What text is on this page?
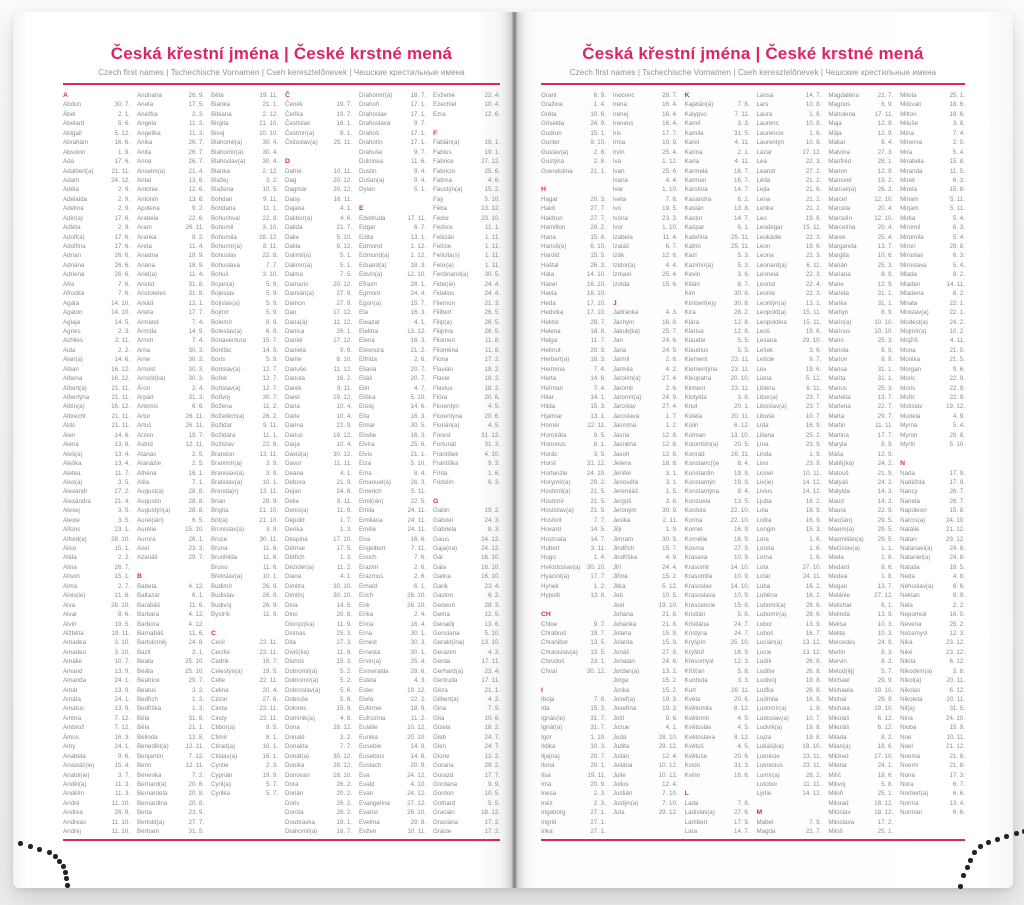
Česká křestní jména | České krstné mená
Czech first names | Tschechische Vornamen | Cseh keresztelőnevek | Чешские крестильные имена
A
Abdon	30. 7.
Ábel	2. 1.
Abelard	5. 6.
Abigail	5. 12.
Abrahám	16. 6.
Absolon	1. 9.
Ada	17. 6.
Adalbert(a)	21. 11.
Adam	24. 12.
Adéla	2. 9.
Adelaida	2. 9.
Adelina	2. 9.
Adin(a)	17. 6.
Adléta	2. 9.
Adolf(a)	17. 6.
Adolfína	17. 6.
Adrian	26. 6.
Adriána	26. 6.
Adriena	26. 6.
Afra	7. 6.
Afrodita	7. 6.
Agáta	14. 10.
Agaton	14. 10.
Aglaja	14. 5.
Agnes	2. 3.
Achiles	2. 11.
Aida	2. 2.
Alan(a)	14. 6.
Alban	16. 12.
Albena	16. 12.
Albert(a)	21. 11.
Albertýna	21. 11.
Albín(a)	16. 12.
Albrecht	21. 11.
Aldo	21. 11.
Alen	14. 6.
Alena	13. 8.
Aleš(a)	13. 4.
Aleška	13. 4.
Aletea	11. 7.
Alex(a)	3. 5.
Alexandr	27. 2.
Alexandra	21. 4.
Alexej	3. 5.
Alexie	3. 5.
Alfons	23. 1.
Alfréd(a)	28. 10.
Alice	15. 1.
Alida	2. 2.
Alina	26. 7.
Alison	15. 1.
Alma	2. 7.
Alois(ie)	21. 6.
Alva	28. 10.
Alvar	8. 6.
Alvin	19. 5.
Alžběta	19. 11.
Amadea	3. 10.
Amadeo	3. 10.
Amálie	10. 7.
Amand	13. 9.
Amanda	24. 1.
Amát	13. 9.
Amáta	24. 1.
Amatus	13. 9.
Ambra	7. 12.
Ambrož	7. 12.
Ámos	16. 3.
Amy	24. 1.
Anabela	9. 6.
Anastáz(ie)	15. 4.
Anatol(ie)	3. 7.
Anděl(a)	11. 3.
Andělín	11. 3.
André	11. 10.
Andrea	26. 9.
Andreas	11. 10.
Andrej	11. 10.
Andriana	26. 9.
Aneta	17. 5.
Anežka	2. 3.
Angela	11. 3.
Angelika	11. 3.
Anika	26. 7.
Anita	26. 7.
Anna	26. 7.
Anselm(a)	21. 4.
Antal	13. 6.
Antonie	12. 6.
Antonín	13. 6.
Apolena	9. 2.
Arabela	22. 6.
Aram	26. 11.
Aranka	8. 2.
Areta	11. 4.
Ariadna	18. 9.
Ariana	18. 9.
Ariel(a)	11. 4.
Aristid	31. 8.
Aristoteles	31. 8.
Arkád	12. 1.
Arleta	17. 7.
Armand	7. 4.
Armida	14. 9.
Armin	7. 4.
Arna	30. 3.
Arne	30. 3.
Arnold	30. 3.
Arnošt(ka)	30. 3.
Áron	2. 4.
Arpád	31. 3.
Artemis	6. 6.
Artur	26. 11.
Artuš	26. 11.
Arzen	19. 7.
Astrid	12. 11.
Atanas	2. 5.
Atanázie	2. 5.
Athéna	16. 1.
Atila	7. 1.
August(a)	28. 8.
Augustin	28. 8.
Augustýn(a)	28. 8.
Aurel(ián)	6. 5.
Aurélie	15. 10.
Aurora	26. 1.
Axel	23. 3.
Azariáš	29. 7.
B
Babeta	4. 12.
Baltazar	6. 1.
Barabáš	11. 6.
Barbara	4. 12.
Barbora	4. 12.
Barnabáš	11. 6.
Bartoloměj	24. 8.
Bazil	2. 1.
Beata	25. 10.
Beáta	25. 10.
Beatrice	29. 7.
Beatus	3. 2.
Bedřich	1. 3.
Bedřiška	1. 3.
Béla	31. 8.
Běla	21. 1.
Belinda	13. 8.
Benedikt(a)	12. 11.
Benjamín	7. 12.
Beno	12. 11.
Berenika	7. 2.
Bernard(a)	20. 8.
Bernardeta	20. 8.
Bernardina	20. 8.
Berta	23. 9.
Bertold(a)	27. 7.
Bertram	31. 5.
Běta	19. 11.
Bianka	21. 1.
Bibiana	2. 12.
Birgita	21. 10.
Bivoj	10. 10.
Blahomil(a)	30. 4.
Blahomír(a)	30. 4.
Blahoslav(a)	30. 4.
Blanka	2. 12.
Blažej	3. 2.
Blažena	10. 5.
Bohdan	9. 11.
Bohdana	11. 1.
Bohuchval	22. 8.
Bohumil	3. 10.
Bohumila	28. 12.
Bohumír(a)	8. 11.
Bohuslav	22. 8.
Bohuslava	7. 7.
Bohuš	3. 10.
Bojan(a)	5. 9.
Bojeslav	5. 9.
Bojislav(a)	5. 9.
Bojmír	5. 9.
Bolemír	6. 9.
Boleslav(a)	6. 9.
Bonaventura	15. 7.
Bonifác	14. 5.
Boris	5. 9.
Borislav(a)	12. 7.
Bořek	12. 7.
Bořislav(a)	12. 7.
Bořivoj	30. 7.
Božena	11. 2.
Božetěch(a)	26. 2.
Božidar	9. 11.
Božidara	11. 1.
Božislav	22. 8.
Brandon	13. 11.
Branimír(a)	3. 9.
Branislav(a)	3. 9.
Bratislav(a)	10. 1.
Brenda(n)	13. 11.
Brian	28. 9.
Brigita	21. 10.
Brit(a)	21. 10.
Bronislav(a)	3. 9.
Bruce	30. 11.
Bruna	11. 6.
Brunhilda	11. 6.
Bruno	11. 6.
Břetislav(a)	10. 1.
Budimír	26. 9.
Budislav	26. 9.
Budivoj	26. 9.
Bystrík	11. 9.
C
Cecil	22. 11.
Cecílie	22. 11.
Cedrik	16. 7.
Celestýn(a)	19. 5.
Celie	22. 11.
Celina	20. 4.
Cézar	27. 6.
Cinda	22. 11.
Cindy	22. 11.
Ctibor(a)	9. 5.
Ctimír	6. 1.
Ctirad(a)	16. 1.
Ctislav(a)	16. 1.
Cyntie	2. 3.
Cyprián	19. 9.
Cyril(a)	5. 7.
Cyrilka	5. 7.
Č
Čeněk	19. 7.
Čeňka	19. 7.
Čestislav	16. 1.
Čestmír(a)	8. 1.
Čistoslav(a)	25. 11.
D
Dafné	10. 11.
Dag	20. 12.
Dagmar	20. 12.
Daisy	16. 11.
Dajana	4. 1.
Dalibor(a)	4. 6.
Dalida	21. 7.
Dalie	5. 10.
Dalila	9. 12.
Dalimil(a)	5. 1.
Dalimír(a)	5. 1.
Dalma	7. 5.
Damaris	20. 12.
Damián(a)	27. 9.
Damon	27. 9.
Dan	17. 12.
Dana(á)	11. 12.
Danica	26. 1.
Daniel	17. 12.
Daniela	9. 9.
Dante	6. 10.
Danuše	11. 12.
Danuta	16. 2.
Darek	9. 11.
Darel	19. 12.
Daria	10. 4.
Darie	10. 4.
Darina	22. 9.
Darius	19. 12.
Darja	10. 4.
David(a)	30. 12.
Davor	11. 11.
Deana	4. 1.
Debora	21. 9.
Dejan	24. 6.
Delie	8. 11.
Denis(a)	11. 9.
Děpold	1. 7.
Derika	1. 3.
Despina	17. 10.
Dětmar	17. 5.
Dětřich	1. 3.
Dezider(a)	11. 2.
Diana	4. 1.
Dimitra	30. 10.
Dimitrij	30. 10.
Dina	14. 5.
Dino	20. 8.
Dionýz(ka)	11. 9.
Dismas	25. 3.
Dita	27. 3.
Diviš(ka)	11. 9.
Dluhoš	15. 3.
Dobromil(a)	5. 2.
Dobromír(a)	5. 2.
Dobroslav(a)	5. 6.
Dobruše	5. 6.
Dolores	15. 9.
Dominik(a)	4. 8.
Dona	28. 12.
Donald	3. 2.
Donalda	7. 7.
Donát(a)	30. 12.
Donika	28. 12.
Donovan	18. 10.
Dora	26. 2.
Dorián	20. 2.
Doris	26. 2.
Dorota	26. 2.
Doubravka	19. 1.
Drahomil(a)	18. 7.
Drahomír(a)	18. 7.
Drahoň	17. 1.
Drahoslav	17. 1.
Drahoslava	9. 7.
Drahoš	17. 1.
Drahotín	17. 1.
Drahuše	9. 7.
Dulcinea	11. 6.
Dustin	9. 4.
Dušan(a)	9. 4.
Dylan	5. 1.
E
Edeltruda	17. 11.
Edgar	6. 7.
Edita	13. 1.
Edmond	1. 12.
Edmund(a)	1. 12.
Eduard(a)	18. 3.
Edvín(a)	12. 10.
Efraim	28. 1.
Egmont	24. 4.
Egon(a)	15. 7.
Ela	16. 3.
Eleazar	4. 1.
Elektra	13. 12.
Elena	16. 3.
Eleonora	21. 2.
Elfrída	2. 6.
Eliana	20. 7.
Eliáš	20. 7.
Elin	4. 7.
Eliška	5. 10.
Elizej	14. 6.
Ella	16. 3.
Elmar	30. 5.
Elodie	16. 3.
Elvíra	25. 6.
Elvis	21. 1.
Elza	5. 10.
Ema	8. 4.
Emanuel(a)	26. 3.
Emerich	5. 11.
Emil(ián)	22. 5.
Emila	24. 11.
Emiliána	24. 11.
Emílie	24. 11.
Ena	16. 6.
Engelbert	7. 11.
Enoch	7. 6.
Erazim	2. 6.
Erazmus	2. 6.
Erhard	6. 1.
Erich	26. 10.
Erik	26. 10.
Erika	2. 4.
Erina	16. 4.
Erna	30. 1.
Ernest	30. 3.
Ernesta	30. 1.
Ervín(a)	25. 4.
Esmeralda	29. 6.
Estela	4. 3.
Ester	19. 12.
Etela	22. 2.
Eufémie	18. 9.
Eufrozína	11. 2.
Eulálie	10. 12.
Eunika	20. 10.
Eusebie	14. 8.
Eusebius	14. 8.
Eustach	20. 9.
Eva	24. 12.
Evald	4. 10.
Evan	24. 12.
Evangelína	27. 12.
Evarist	26. 10.
Evelína	29. 8.
Evžen	10. 11.
Evženie	22. 4.
Ezechiel	10. 4.
Ezra	12. 6.
F
Fabián(a)	19. 1.
Fabius	19. 1.
Fabrice	27. 12.
Fabricio	25. 6.
Fatima	4. 6.
Faustýn(a)	15. 2.
Fay	5. 10.
Féba	13. 12.
Fedor	23. 10.
Fedora	11. 1.
Felicián	1. 11.
Felície	1. 11.
Felicita(s)	1. 11.
Felix(a)	1. 11.
Ferdinand(a)	30. 5.
Fidel(ie)	24. 4.
Fidelius	24. 4.
Filemon	21. 3.
Filibert	26. 5.
Filip(a)	26. 5.
Filipína	26. 5.
Filomen	11. 8.
Filoména	11. 8.
Fiona	17. 2.
Flavián	18. 2.
Flavie	18. 2.
Flavius	18. 2.
Flóra	20. 6.
Florentýn	4. 5.
Florentýna	20. 6.
Florián(a)	4. 5.
Forest	31. 12.
Fortunát	31. 3.
František	4. 10.
Františka	9. 3.
Frída	1. 6.
Fridolín	6. 3.
G
Gabin	19. 2.
Gabriel	24. 3.
Gabriela	8. 3.
Gaius	24. 12.
Gaja(na)	24. 12.
Gál	16. 10.
Gala	16. 10.
Galina	16. 10.
Garik	23. 4.
Gaston	6. 2.
Gedeon	28. 3.
Gema	12. 5.
Genadij	13. 6.
Genciana	5. 10.
Gerald(ína)	13. 10.
Gerazim	4. 3.
Gerda	17. 11.
Gerhard(a)	23. 4.
Gertruda	17. 11.
Géza	21. 1.
Gilbert(a)	4. 2.
Gina	7. 9.
Gita	10. 6.
Gizela	18. 2.
Gleb	24. 7.
Glen	24. 7.
Glorie	12. 2.
Gorana	29. 2.
Gorazd	17. 7.
Gordana	9. 9.
Gordon	10. 5.
Gothard	5. 5.
Gracián	18. 12.
Graciána	17. 2.
Grácie	17. 2.
Česká křestní jména | České krstné mená
Czech first names | Tschechische Vornamen | Cseh keresztelőnevek | Чешские крестильные имена
Grant	6. 9.
Gražina	1. 4.
Gréta	10. 6.
Griselda	24. 9.
Gudrun	15. 1.
Gunter	9. 10.
Gustav(a)	2. 8.
Gustýna	2. 8.
Gvendolína	21. 1.
H
Hagar	20. 3.
Haidi	27. 7.
Haidrun	27. 7.
Hamilton	29. 2.
Hana	15. 8.
Hanuš(e)	6. 10.
Harold	15. 5.
Haštal	26. 3.
Háta	14. 10.
Havel	16. 10.
Havla	16. 10.
Heda	17. 10.
Hedvika	17. 10.
Hektor	28. 7.
Helena	18. 8.
Helga	11. 7.
Helmut	20. 9.
Herbert(a)	16. 3.
Hermína	7. 4.
Herta	14. 6.
Heřman	7. 4.
Hilar	14. 1.
Hilda	15. 3.
Hjalmar	13. 1.
Homér	22. 11.
Honoráta	9. 5.
Honorius	8. 1.
Horác	3. 5.
Horst	31. 12.
Hortenzie	24. 10.
Horymír(a)	29. 2.
Hostimil(a)	21. 5.
Hostimír	21. 5.
Hostislav(a)	21. 5.
Hostivít	7. 7.
Hovard	14. 5.
Hroznata	14. 7.
Hubert	3. 11.
Hugo	1. 4.
Hvězdoslav(a)	30. 10.
Hyacint(a)	17. 7.
Hynek	1. 2.
Hypolit	13. 8.
CH
Chloe	9. 7.
Chrabroš	19. 7.
Chranibor	13. 5.
Chranislav(a)	13. 5.
Chrudoš	23. 1.
Chval	30. 12.
I
Iboja	7. 8.
Ida	15. 3.
Ignác(ie)	31. 7.
Ignát(a)	31. 7.
Igor	1. 10.
Ildika	10. 3.
Ilja(na)	20. 7.
Ilona	20. 1.
Ilsa	19. 11.
Ima	20. 9.
Inesa	2. 3.
Inéz	2. 3.
Ingeborg	27. 1.
Ingrid	27. 1.
Inka	27. 1.
Inocenc	28. 7.
Irena	16. 4.
Irenej	16. 4.
Ireneus	16. 4.
Iris	17. 7.
Irma	10. 9.
Irvin	25. 4.
Iva	1. 12.
Ivan	25. 6.
Ivana	4. 4.
Ivar	1. 10.
Iveta	7. 6.
Ivo	19. 5.
Ivona	23. 3.
Ivor	1. 10.
Izabela	11. 4.
Izaiáš	6. 7.
Izák	12. 6.
Izidor(a)	4. 4.
Izmael	25. 4.
Izolda	15. 6.
J
Jadranka	4. 3.
Jáchym	16. 8.
Jakub(ka)	25. 7.
Jan	24. 6.
Jana	24. 5.
Jarmil	2. 6.
Jarmila	4. 2.
Jarolím(a)	27. 4.
Jaromil	2. 6.
Jaromír(a)	24. 9.
Jaroslav	27. 4.
Jaroslava	1. 7.
Jasmína	1. 2.
Jasna	12. 8.
Jasněna	12. 8.
Jasoň	12. 8.
Jelena	18. 8.
Jenifer	3. 1.
Jenovéfa	3. 1.
Jeremiáš	1. 5.
Jerguš	3. 8.
Jeroným	30. 9.
Jesika	2. 11.
Jiljí	1. 9.
Jimram	30. 9.
Jindřich	15. 7.
Jindřiška	4. 9.
Jiří	24. 4.
Jiřina	15. 2.
Jitka	5. 12.
Job	10. 5.
Joel	19. 10.
Johana	21. 8.
Johanka	21. 8.
Jolana	15. 9.
Jolanta	15. 9.
Jonáš	27. 9.
Jonatan	24. 6.
Jordan(a)	13. 2.
Jorga	15. 2.
Jorika	15. 2.
Josef(a)	19. 3.
Josefína	19. 3.
Jošt	9. 6.
Jozue	4. 1.
Juda	28. 10.
Judita	29. 12.
Julián	12. 4.
Juliána	10. 12.
Julie	10. 12.
Julius	12. 4.
Justián	7. 10.
Justýn(a)	7. 10.
Juta	29. 12.
K
Kajetán(a)	7. 8.
Kalypso	7. 11.
Kamil	3. 3.
Kamila	31. 5.
Karel	4. 11.
Karina	2. 1.
Karla	4. 11.
Karmela	16. 7.
Karmen	16. 7.
Karolína	14. 7.
Kasandra	6. 2.
Kasián	13. 8.
Kastor	14. 7.
Kašpar	6. 1.
Kateřina	25. 11.
Katrin	25. 11.
Kazi	5. 3.
Kazimír(a)	5. 3.
Kevin	3. 6.
Kilián	8. 7.
Kim	30. 8.
Kimberl(e)y	30. 8.
Kira	28. 2.
Klára	12. 8.
Klarisa	12. 8.
Klaudie	5. 5.
Klaudius	5. 5.
Klement	23. 11.
Klementýna	23. 11.
Kleopatra	20. 10.
Kliment	23. 11.
Klotylda	3. 6.
Knut	20. 1.
Koleta	20. 11.
Kolin	6. 12.
Kolman	13. 10.
Kolombín(a)	20. 5.
Konrád	26. 11.
Konstanc(i)e	8. 4.
Konstantin	19. 9.
Konstantýn	19. 9.
Konstantýna	8. 4.
Konzuela	13. 5.
Kordula	22. 10.
Korina	22. 10.
Kornel	16. 9.
Kornélie	16. 9.
Kosma	27. 9.
Krasava	10. 9.
Krasomil	14. 10.
Krasomila	10. 9.
Krasoslav	14. 10.
Krasoslava	10. 9.
Krescencie	15. 6.
Kristián	5. 8.
Kristiána	24. 7.
Kristýna	24. 7.
Kryšpín	25. 10.
Kryštof	18. 9.
Křesomysl	12. 3.
Křišťan	5. 8.
Kunhuta	3. 3.
Kurt	26. 11.
Květa	20. 6.
Květomila	8. 12.
Květomír	4. 5.
Květoslav	4. 5.
Květoslava	8. 12.
Květoš	4. 5.
Květuše	20. 6.
Kvido	31. 3.
Kvirin	16. 6.
L
Lada	7. 8.
Ladislav(a)	27. 6.
Lambert	17. 9.
Lara	14. 7.
Larisa	14. 7.
Lars	10. 8.
Laura	1. 6.
Laurenc	10. 8.
Laurencie	1. 6.
Laurentýn	10. 8.
Lazar	17. 12.
Lea	22. 3.
Leandr	27. 2.
Léda	21. 2.
Lejla	21. 6.
Lena	21. 2.
Lenka	21. 2.
Leo	19. 6.
Leodegar	15. 11.
Leokádie	22. 3.
Leon	19. 6.
Leona	22. 3.
Leonard(a)	6. 11.
Leonela	22. 3.
Leonid	22. 4.
Leonie	22. 3.
Leontýn(a)	13. 1.
Leopold(a)	15. 11.
Leopoldina	15. 11.
Leoš	19. 6.
Lesana	29. 10.
Lešek	3. 6.
Leticie	9. 7.
Lev	19. 6.
Liana	5. 12.
Liběna	6. 11.
Libor(a)	23. 7.
Liboslav(a)	23. 7.
Libuše	10. 7.
Lída	16. 9.
Liliana	25. 2.
Lína	23. 9.
Linda	1. 9.
Lino	23. 9.
Lionel	10. 11.
Liv(ie)	14. 12.
Livius	14. 12.
Ljuba	16. 2.
Lola	16. 9.
Lolita	16. 9.
Longin	15. 3.
Lora	1. 6.
Loreta	1. 6.
Lorna	1. 6.
Lota	27. 10.
Lotar	24. 11.
Luba	16. 2.
Luběna	16. 2.
Lubomil(a)	28. 6.
Lubomír(a)	28. 6.
Lubor	13. 9.
Luboš	16. 7.
Lucián(a)	13. 12.
Lucie	13. 12.
Ludík	26. 8.
Ludiše	26. 8.
Ludivoj	19. 8.
Luďka	26. 8.
Ludmila	16. 9.
Ludomír(a)	1. 8.
Ludoslav(a)	10. 7.
Ludvík(a)	19. 8.
Lujza	19. 8.
Lukáš(ka)	18. 10.
Lukrécie	23. 11.
Lukrecius	23. 11.
Lumír(a)	28. 2.
Lutobor	11. 11.
Lýdie	14. 12.
M
Mabel	7. 9.
Magda	22. 7.
Magdaléna	22. 7.
Magnus	6. 9.
Mahulena	17. 11.
Maja	12. 9.
Mája	12. 9.
Makar	8. 4.
Malvína	27. 3.
Manfréd	28. 1.
Manon	12. 9.
Mansvet	19. 2.
Manuel(a)	26. 3.
Marcel	12. 10.
Marcela	20. 4.
Marcelín	12. 10.
Marcelína	20. 4.
Marek	25. 4.
Margareta	13. 7.
Margita	10. 6.
Marián	25. 3.
Mariana	8. 9.
Marie	12. 9.
Marieta	31. 1.
Marika	31. 1.
Marilyn	8. 9.
Marin(a)	10. 10.
Marinus	10. 10.
Mario	25. 3.
Mariola	8. 9.
Marion	8. 9.
Marisa	31. 1.
Marita	31. 1.
Marius	25. 3.
Markéta	13. 7.
Marlena	22. 7.
Marta	29. 7.
Martin	11. 11.
Martina	17. 7.
Maryla	8. 9.
Máša	12. 9.
Matěj(ka)	24. 2.
Matouš	21. 9.
Matyáš	24. 2.
Matylda	14. 3.
Maud	14. 3.
Maura	22. 9.
Max(ián)	29. 5.
Maxim(a)	29. 5.
Maxmilián(a)	29. 5.
Mečislav(a)	1. 1.
Meda	1. 8.
Medard	8. 6.
Medea	1. 8.
Megan	13. 7.
Melánie	27. 12.
Melichar	6. 1.
Melinda	13. 9.
Melisa	10. 3.
Melita	10. 3.
Mercedes	24. 9.
Merlin	8. 3.
Mervin	8. 3.
Metod(ěj)	5. 7.
Michael	29. 9.
Michaela	19. 10.
Michal	29. 9.
Michala	19. 10.
Mikoláš	6. 12.
Mikuláš	6. 12.
Milada	8. 2.
Milan(a)	18. 6.
Mildred	17. 10.
Milena	24. 1.
Milíč	18. 6.
Milivoj	5. 8.
Miloň	25. 1.
Milorad	18. 12.
Miloslav	18. 12.
Miloslava	17. 2.
Miloš	25. 1.
Milota	25. 1.
Milovan	18. 6.
Milton	18. 6.
Miluše	3. 8.
Mína	7. 4.
Minerva	2. 5.
Mira	5. 4.
Mirabela	15. 8.
Miranda	11. 5.
Mirek	6. 3.
Mirela	15. 8.
Miriam	5. 11.
Mirjam	5. 11.
Mirka	5. 4.
Miromil	6. 3.
Miromila	5. 4.
Miron	29. 8.
Miroslav	6. 3.
Miroslava	5. 4.
Mlada	8. 2.
Mladen	14. 11.
Mladena	8. 2.
Mnata	22. 1.
Mnislav(a)	22. 1.
Modest(a)	24. 2.
Mojmír(a)	10. 2.
Mojžíš	4. 11.
Mona	21. 5.
Monika	21. 5.
Morgan	9. 6.
Moric	22. 9.
Moris	22. 9.
Mořic	22. 9.
Mstislav	19. 12.
Muriela	4. 9.
Myrna	5. 4.
Myron	29. 8.
Myrtil	5. 10.
N
Nada	17. 9.
Naděžda	17. 9.
Nancy	26. 7.
Naneta	26. 7.
Napoleon	15. 8.
Narcis(a)	24. 10.
Natálie	21. 12.
Natan	29. 12.
Natanael(a)	24. 8.
Nataniel(a)	24. 8.
Nataša	18. 5.
Neda	4. 8.
Něhoslav(a)	6. 6.
Nektan	9. 9.
Nela	2. 2.
Nepomuk	16. 5.
Nevena	25. 2.
Nezamysl	12. 3.
Nika	23. 12.
Niké	23. 12.
Nikita	6. 12.
Nikodém(a)	3. 8.
Nikol(a)	20. 11.
Nikolas	6. 12.
Nikoleta	20. 11.
Nil(a)	31. 5.
Nina	24. 10.
Nioba	15. 9.
Noe	10. 11.
Noel	21. 12.
Noema	21. 8.
Noemi	21. 8.
Nona	17. 3.
Nora	6. 7.
Norbert(a)	6. 6.
Norma	13. 4.
Norman	6. 6.
